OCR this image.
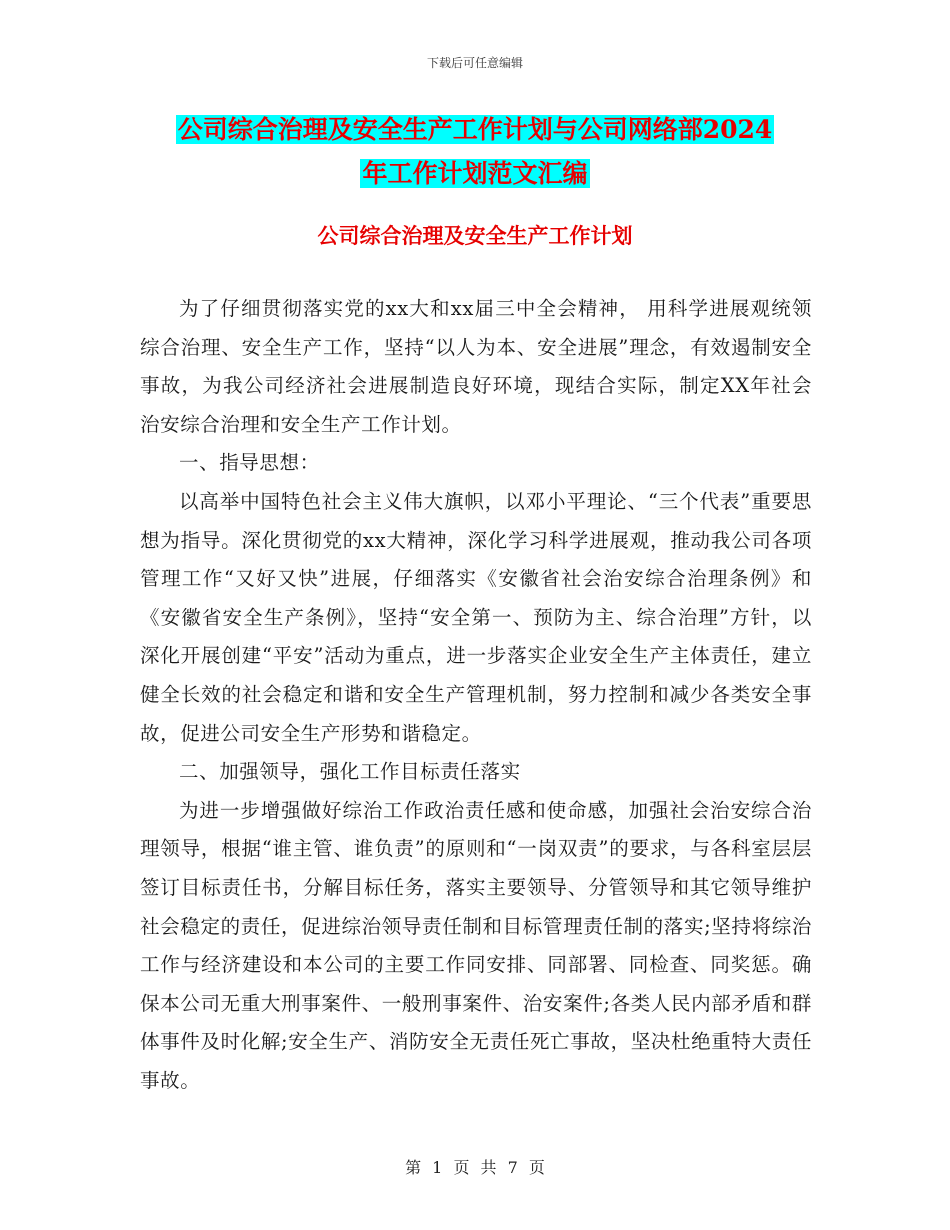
下载后可任意编辑
公司综合治理及安全生产工作计划与公司网络部2024
年工作计划范文汇编
公司综合治理及安全生产工作计划

为了仔细贯彻落实党的xx大和xx届三中全会精神， 用科学进展观统领综合治理、安全生产工作，坚持“以人为本、安全进展”理念，有效遏制安全事故，为我公司经济社会进展制造良好环境，现结合实际，制定XX年社会治安综合治理和安全生产工作计划。

一、指导思想：

以高举中国特色社会主义伟大旗帜，以邓小平理论、“三个代表”重要思想为指导。深化贯彻党的xx大精神，深化学习科学进展观，推动我公司各项管理工作“又好又快”进展，仔细落实《安徽省社会治安综合治理条例》和《安徽省安全生产条例》，坚持“安全第一、预防为主、综合治理”方针，以深化开展创建“平安”活动为重点，进一步落实企业安全生产主体责任，建立健全长效的社会稳定和谐和安全生产管理机制，努力控制和减少各类安全事故，促进公司安全生产形势和谐稳定。

二、加强领导，强化工作目标责任落实

为进一步增强做好综治工作政治责任感和使命感，加强社会治安综合治理领导，根据“谁主管、谁负责”的原则和“一岗双责”的要求，与各科室层层签订目标责任书，分解目标任务，落实主要领导、分管领导和其它领导维护社会稳定的责任，促进综治领导责任制和目标管理责任制的落实;坚持将综治工作与经济建设和本公司的主要工作同安排、同部署、同检查、同奖惩。确保本公司无重大刑事案件、一般刑事案件、治安案件;各类人民内部矛盾和群体事件及时化解;安全生产、消防安全无责任死亡事故，坚决杜绝重特大责任事故。

第 1 页 共 7 页
